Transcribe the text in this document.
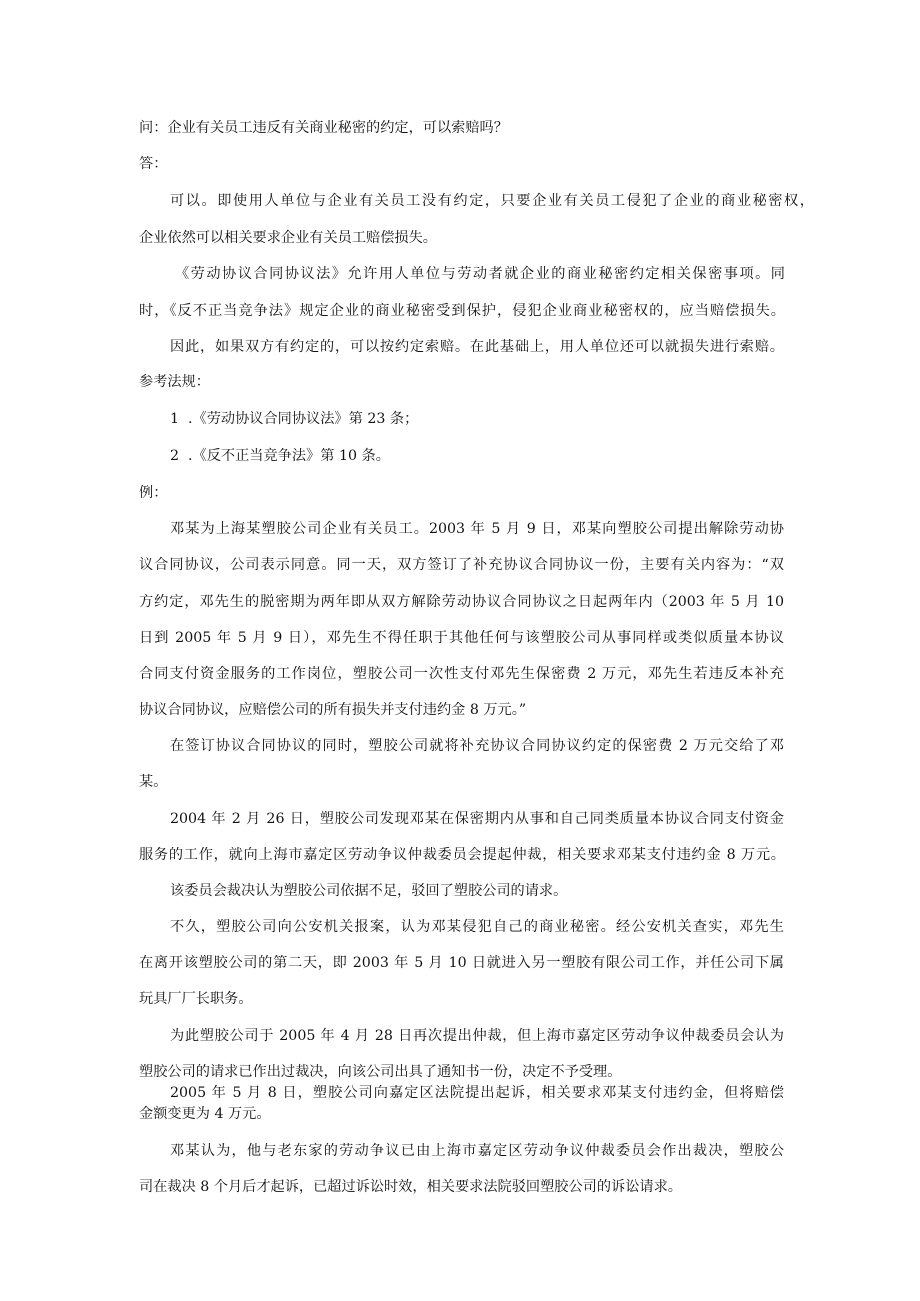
问：企业有关员工违反有关商业秘密的约定，可以索赔吗？
答：
可以。即使用人单位与企业有关员工没有约定，只要企业有关员工侵犯了企业的商业秘密权，
企业依然可以相关要求企业有关员工赔偿损失。
《劳动协议合同协议法》允许用人单位与劳动者就企业的商业秘密约定相关保密事项。同
时，《反不正当竞争法》规定企业的商业秘密受到保护，侵犯企业商业秘密权的，应当赔偿损失。
因此，如果双方有约定的，可以按约定索赔。在此基础上，用人单位还可以就损失进行索赔。
参考法规：
1  .《劳动协议合同协议法》第 23 条；
2  .《反不正当竞争法》第 10 条。
例：
邓某为上海某塑胶公司企业有关员工。2003 年 5 月 9 日，邓某向塑胶公司提出解除劳动协
议合同协议，公司表示同意。同一天，双方签订了补充协议合同协议一份，主要有关内容为：“双
方约定，邓先生的脱密期为两年即从双方解除劳动协议合同协议之日起两年内（2003 年 5 月 10
日到 2005 年 5 月 9 日），邓先生不得任职于其他任何与该塑胶公司从事同样或类似质量本协议
合同支付资金服务的工作岗位，塑胶公司一次性支付邓先生保密费 2 万元，邓先生若违反本补充
协议合同协议，应赔偿公司的所有损失并支付违约金 8 万元。”
在签订协议合同协议的同时，塑胶公司就将补充协议合同协议约定的保密费 2 万元交给了邓
某。
2004 年 2 月 26 日，塑胶公司发现邓某在保密期内从事和自己同类质量本协议合同支付资金
服务的工作，就向上海市嘉定区劳动争议仲裁委员会提起仲裁，相关要求邓某支付违约金 8 万元。
该委员会裁决认为塑胶公司依据不足，驳回了塑胶公司的请求。
不久，塑胶公司向公安机关报案，认为邓某侵犯自己的商业秘密。经公安机关查实，邓先生
在离开该塑胶公司的第二天，即 2003 年 5 月 10 日就进入另一塑胶有限公司工作，并任公司下属
玩具厂厂长职务。
为此塑胶公司于 2005 年 4 月 28 日再次提出仲裁，但上海市嘉定区劳动争议仲裁委员会认为
塑胶公司的请求已作出过裁决，向该公司出具了通知书一份，决定不予受理。
2005 年 5 月 8 日，塑胶公司向嘉定区法院提出起诉，相关要求邓某支付违约金，但将赔偿
金额变更为 4 万元。
邓某认为，他与老东家的劳动争议已由上海市嘉定区劳动争议仲裁委员会作出裁决，塑胶公
司在裁决 8 个月后才起诉，已超过诉讼时效，相关要求法院驳回塑胶公司的诉讼请求。
